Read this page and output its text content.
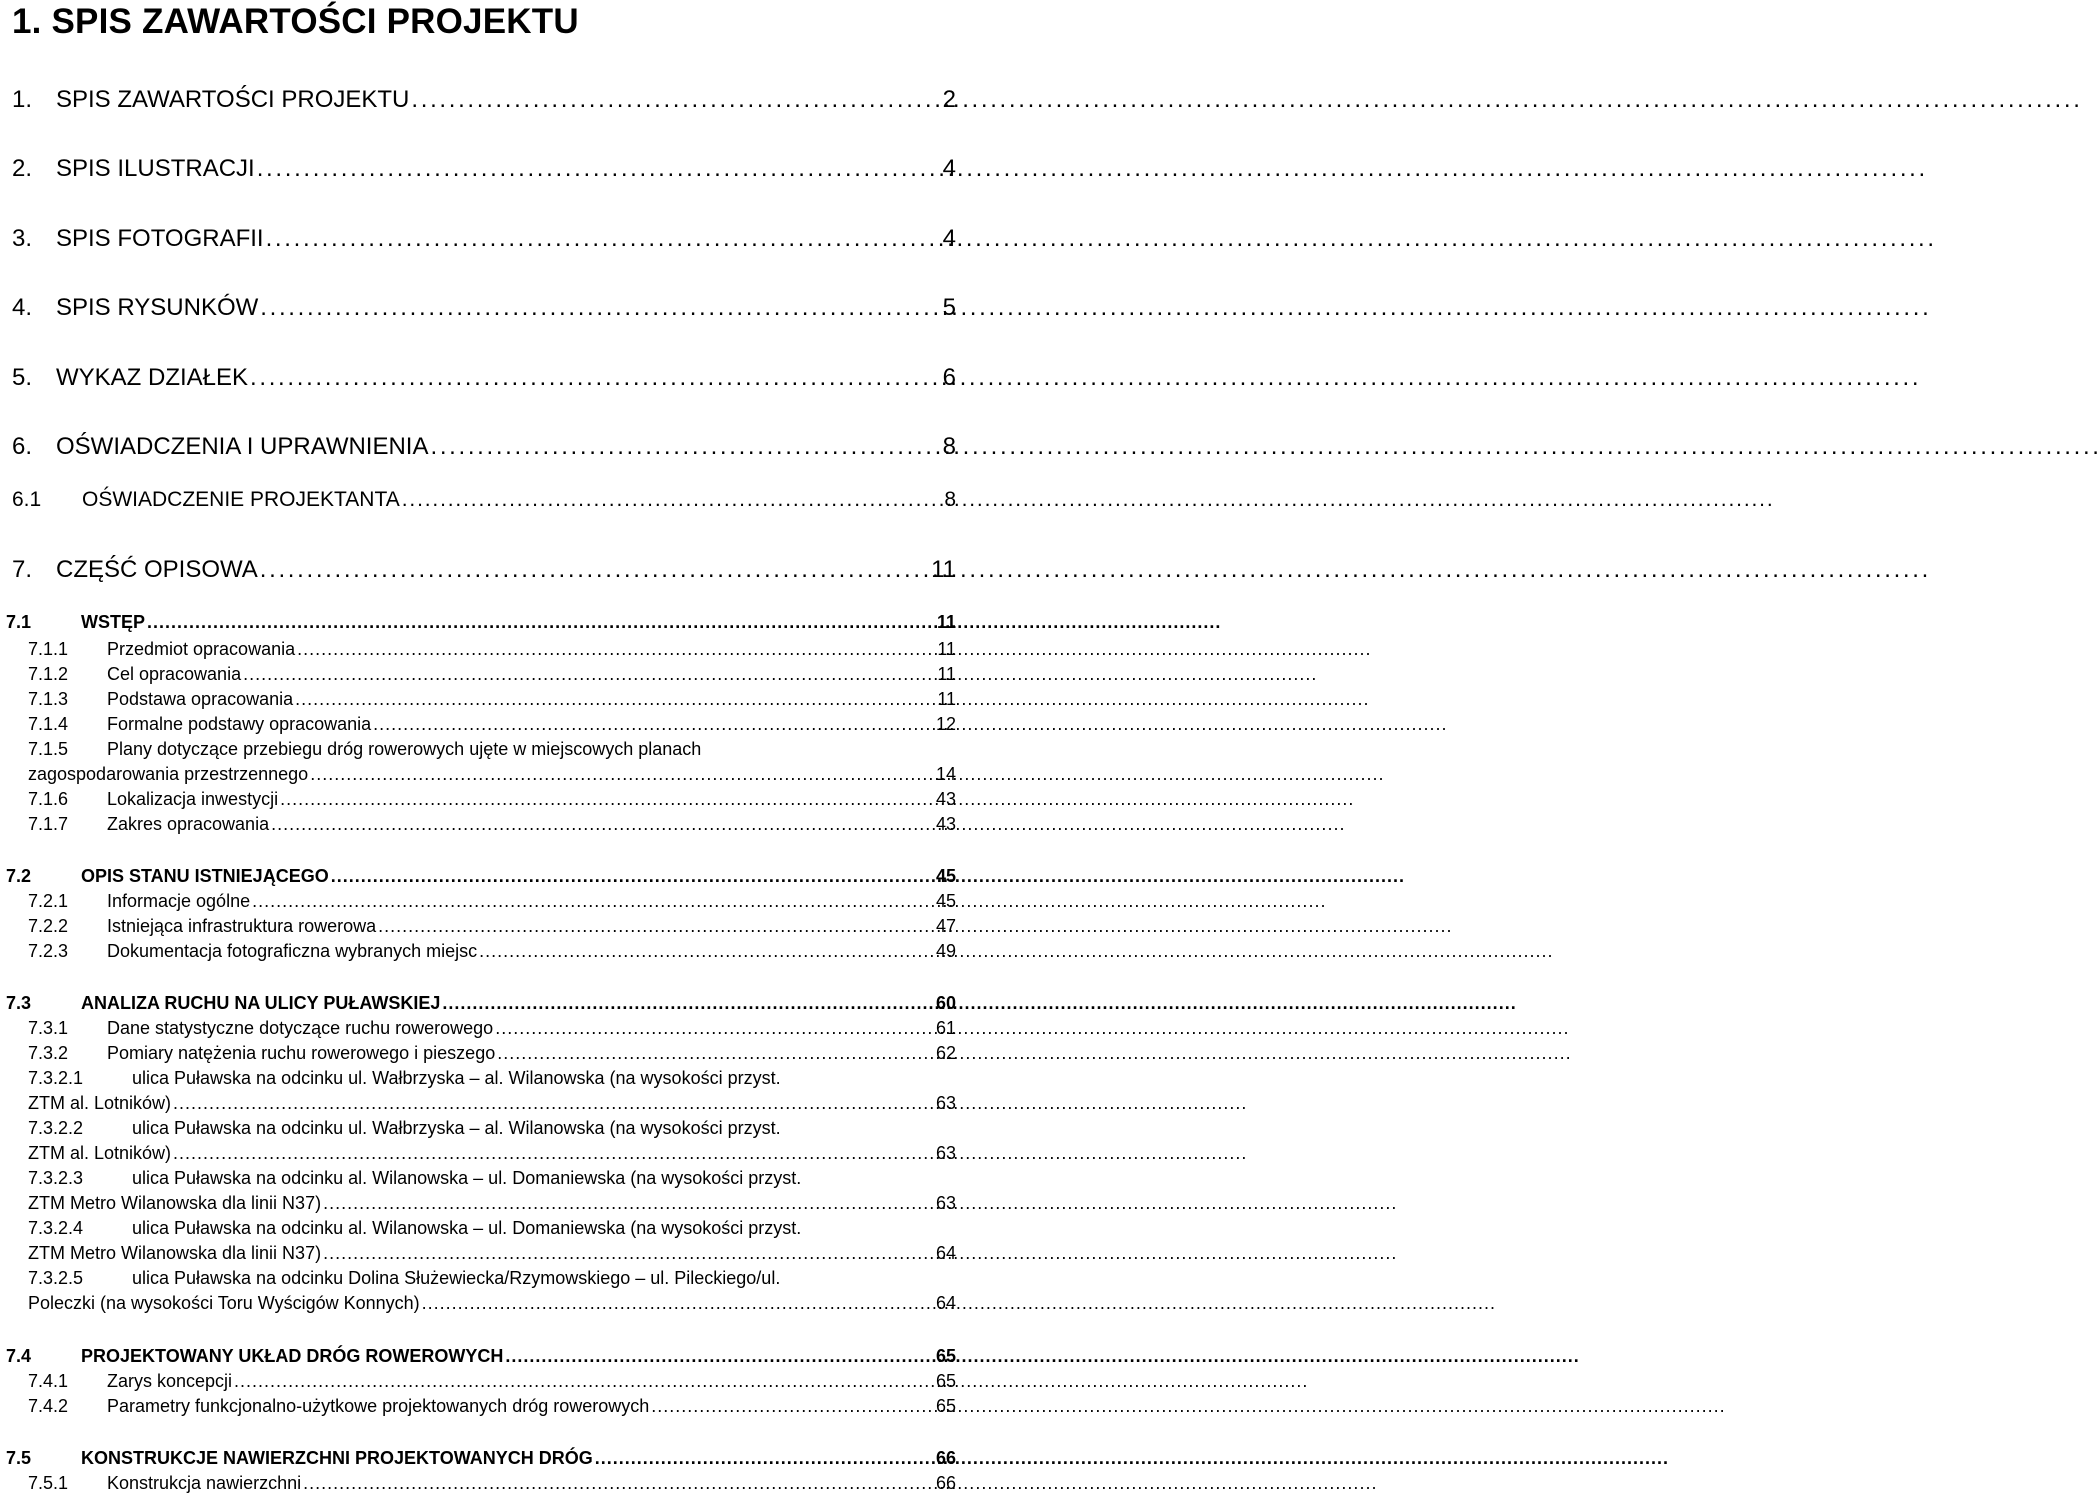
1. SPIS ZAWARTOŚCI PROJEKTU
1. SPIS ZAWARTOŚCI PROJEKTU . . .	2
2. SPIS ILUSTRACJI . . .	4
3. SPIS FOTOGRAFII . . .	4
4. SPIS RYSUNKÓW . . .	5
5. WYKAZ DZIAŁEK . . .	6
6. OŚWIADCZENIA I UPRAWNIENIA . . .	8
6.1	OŚWIADCZENIE PROJEKTANTA . . .	8
7. CZĘŚĆ OPISOWA . . .	11
7.1	WSTĘP . . .	11
7.1.1	Przedmiot opracowania . . .	11
7.1.2	Cel opracowania . . .	11
7.1.3	Podstawa opracowania . . .	11
7.1.4	Formalne podstawy opracowania . . .	12
7.1.5	Plany dotyczące przebiegu dróg rowerowych ujęte w miejscowych planach
zagospodarowania przestrzennego . . .	14
7.1.6	Lokalizacja inwestycji . . .	43
7.1.7	Zakres opracowania . . .	43
7.2	OPIS STANU ISTNIEJĄCEGO . . .	45
7.2.1	Informacje ogólne . . .	45
7.2.2	Istniejąca infrastruktura rowerowa . . .	47
7.2.3	Dokumentacja fotograficzna wybranych miejsc . . .	49
7.3	ANALIZA RUCHU NA ULICY PUŁAWSKIEJ . . .	60
7.3.1	Dane statystyczne dotyczące ruchu rowerowego . . .	61
7.3.2	Pomiary natężenia ruchu rowerowego i pieszego . . .	62
7.3.2.1	ulica Puławska na odcinku ul. Wałbrzyska – al. Wilanowska (na wysokości przyst.
ZTM al. Lotników) . . .	63
7.3.2.2	ulica Puławska na odcinku ul. Wałbrzyska – al. Wilanowska (na wysokości przyst.
ZTM al. Lotników) . . .	63
7.3.2.3	ulica Puławska na odcinku al. Wilanowska – ul. Domaniewska (na wysokości przyst.
ZTM Metro Wilanowska dla linii N37) . . .	63
7.3.2.4	ulica Puławska na odcinku al. Wilanowska – ul. Domaniewska (na wysokości przyst.
ZTM Metro Wilanowska dla linii N37) . . .	64
7.3.2.5	ulica Puławska na odcinku Dolina Służewiecka/Rzymowskiego – ul. Pileckiego/ul.
Poleczki (na wysokości Toru Wyścigów Konnych) . . .	64
7.4	PROJEKTOWANY UKŁAD DRÓG ROWEROWYCH . . .	65
7.4.1	Zarys koncepcji . . .	65
7.4.2	Parametry funkcjonalno-użytkowe projektowanych dróg rowerowych . . .	65
7.5	KONSTRUKCJE NAWIERZCHNI PROJEKTOWANYCH DRÓG . . .	66
7.5.1	Konstrukcja nawierzchni . . .	66
